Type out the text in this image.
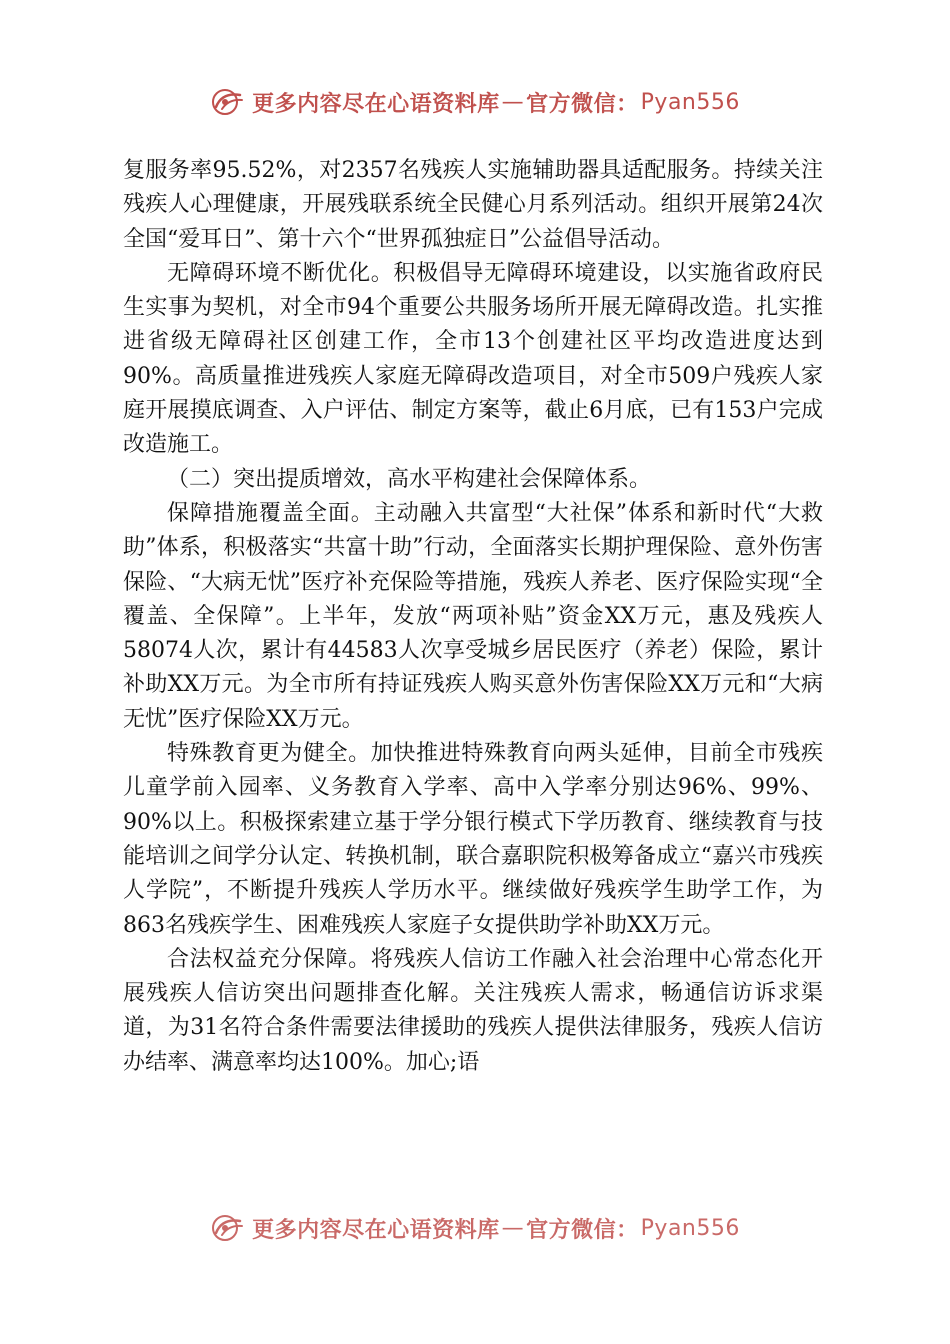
更多内容尽在心语资料库 — 官方微信： Pyan556

复服务率95.52%，对2357名残疾人实施辅助器具适配服务。持续关注残疾人心理健康，开展残联系统全民健心月系列活动。组织开展第24次全国“爱耳日”、第十六个“世界孤独症日”公益倡导活动。

无障碍环境不断优化。积极倡导无障碍环境建设，以实施省政府民生实事为契机，对全市94个重要公共服务场所开展无障碍改造。扎实推进省级无障碍社区创建工作，全市13个创建社区平均改造进度达到90%。高质量推进残疾人家庭无障碍改造项目，对全市509户残疾人家庭开展摸底调查、入户评估、制定方案等，截止6月底，已有153户完成改造施工。

（二）突出提质增效，高水平构建社会保障体系。

保障措施覆盖全面。主动融入共富型“大社保”体系和新时代“大救助”体系，积极落实“共富十助”行动，全面落实长期护理保险、意外伤害保险、“大病无忧”医疗补充保险等措施，残疾人养老、医疗保险实现“全覆盖、全保障”。上半年，发放“两项补贴”资金XX万元，惠及残疾人58074人次，累计有44583人次享受城乡居民医疗（养老）保险，累计补助XX万元。为全市所有持证残疾人购买意外伤害保险XX万元和“大病无忧”医疗保险XX万元。

特殊教育更为健全。加快推进特殊教育向两头延伸，目前全市残疾儿童学前入园率、义务教育入学率、高中入学率分别达96%、99%、90%以上。积极探索建立基于学分银行模式下学历教育、继续教育与技能培训之间学分认定、转换机制，联合嘉职院积极筹备成立“嘉兴市残疾人学院”，不断提升残疾人学历水平。继续做好残疾学生助学工作，为863名残疾学生、困难残疾人家庭子女提供助学补助XX万元。

合法权益充分保障。将残疾人信访工作融入社会治理中心常态化开展残疾人信访突出问题排查化解。关注残疾人需求，畅通信访诉求渠道，为31名符合条件需要法律援助的残疾人提供法律服务，残疾人信访办结率、满意率均达100%。加心;语

更多内容尽在心语资料库 — 官方微信： Pyan556
